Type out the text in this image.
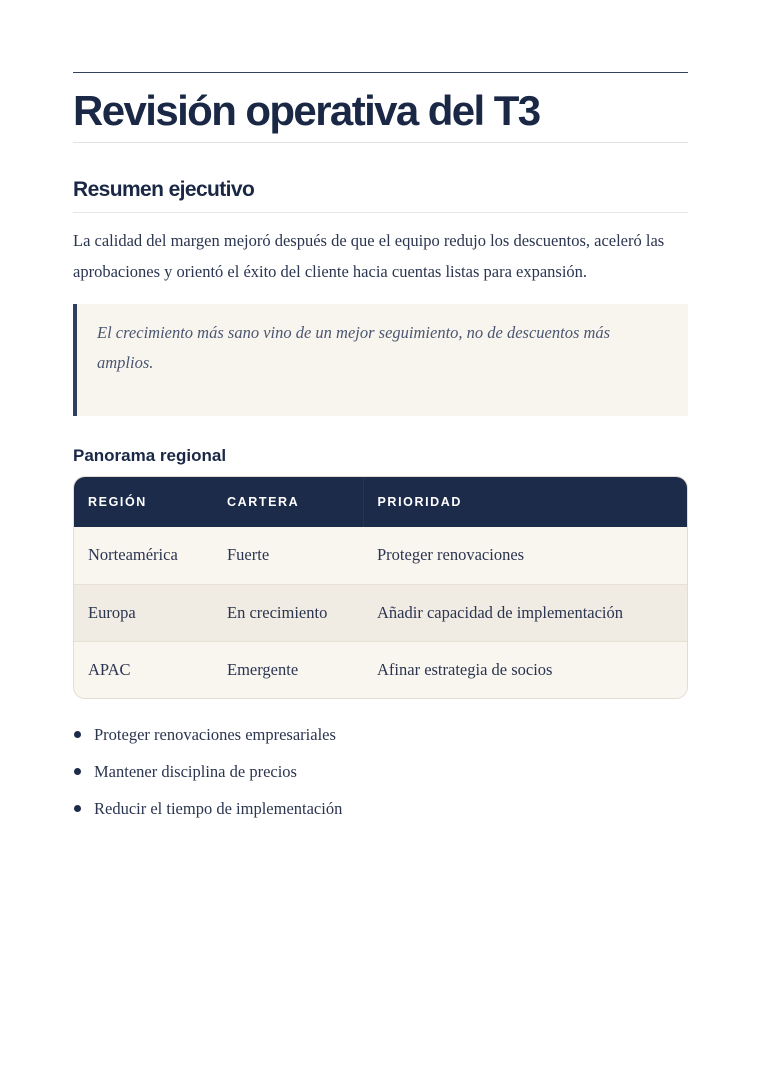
Revisión operativa del T3
Resumen ejecutivo
La calidad del margen mejoró después de que el equipo redujo los descuentos, aceleró las aprobaciones y orientó el éxito del cliente hacia cuentas listas para expansión.
El crecimiento más sano vino de un mejor seguimiento, no de descuentos más amplios.
Panorama regional
REGIÓN	CARTERA	PRIORIDAD
Norteamérica	Fuerte	Proteger renovaciones
Europa	En crecimiento	Añadir capacidad de implementación
APAC	Emergente	Afinar estrategia de socios
Proteger renovaciones empresariales
Mantener disciplina de precios
Reducir el tiempo de implementación
